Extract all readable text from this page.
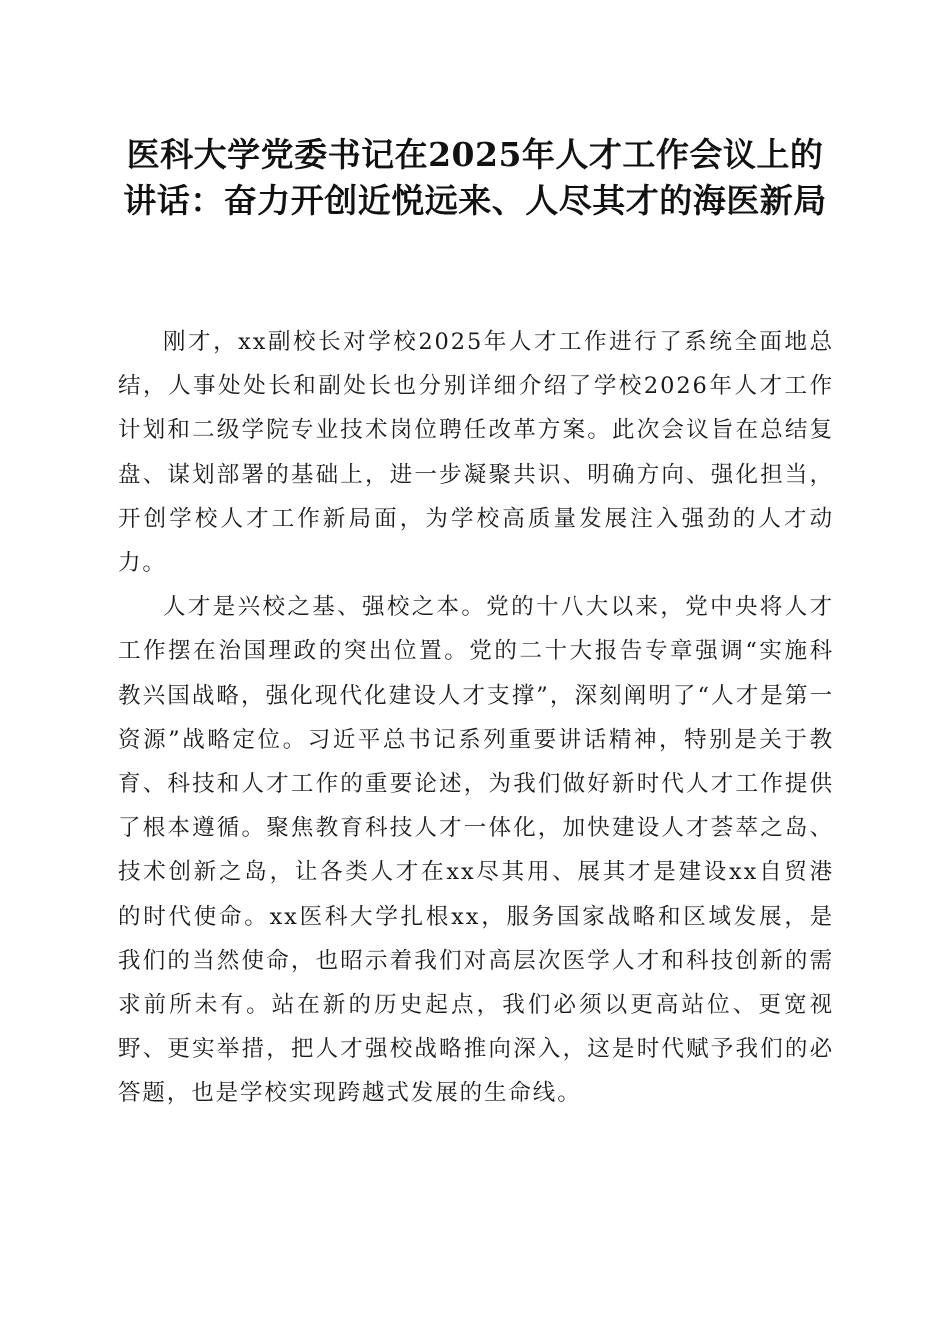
医科大学党委书记在2025年人才工作会议上的讲话：奋力开创近悦远来、人尽其才的海医新局

刚才，xx副校长对学校2025年人才工作进行了系统全面地总结，人事处处长和副处长也分别详细介绍了学校2026年人才工作计划和二级学院专业技术岗位聘任改革方案。此次会议旨在总结复盘、谋划部署的基础上，进一步凝聚共识、明确方向、强化担当，开创学校人才工作新局面，为学校高质量发展注入强劲的人才动力。

人才是兴校之基、强校之本。党的十八大以来，党中央将人才工作摆在治国理政的突出位置。党的二十大报告专章强调“实施科教兴国战略，强化现代化建设人才支撑”，深刻阐明了“人才是第一资源”战略定位。习近平总书记系列重要讲话精神，特别是关于教育、科技和人才工作的重要论述，为我们做好新时代人才工作提供了根本遵循。聚焦教育科技人才一体化，加快建设人才荟萃之岛、技术创新之岛，让各类人才在xx尽其用、展其才是建设xx自贸港的时代使命。xx医科大学扎根xx，服务国家战略和区域发展，是我们的当然使命，也昭示着我们对高层次医学人才和科技创新的需求前所未有。站在新的历史起点，我们必须以更高站位、更宽视野、更实举措，把人才强校战略推向深入，这是时代赋予我们的必答题，也是学校实现跨越式发展的生命线。
